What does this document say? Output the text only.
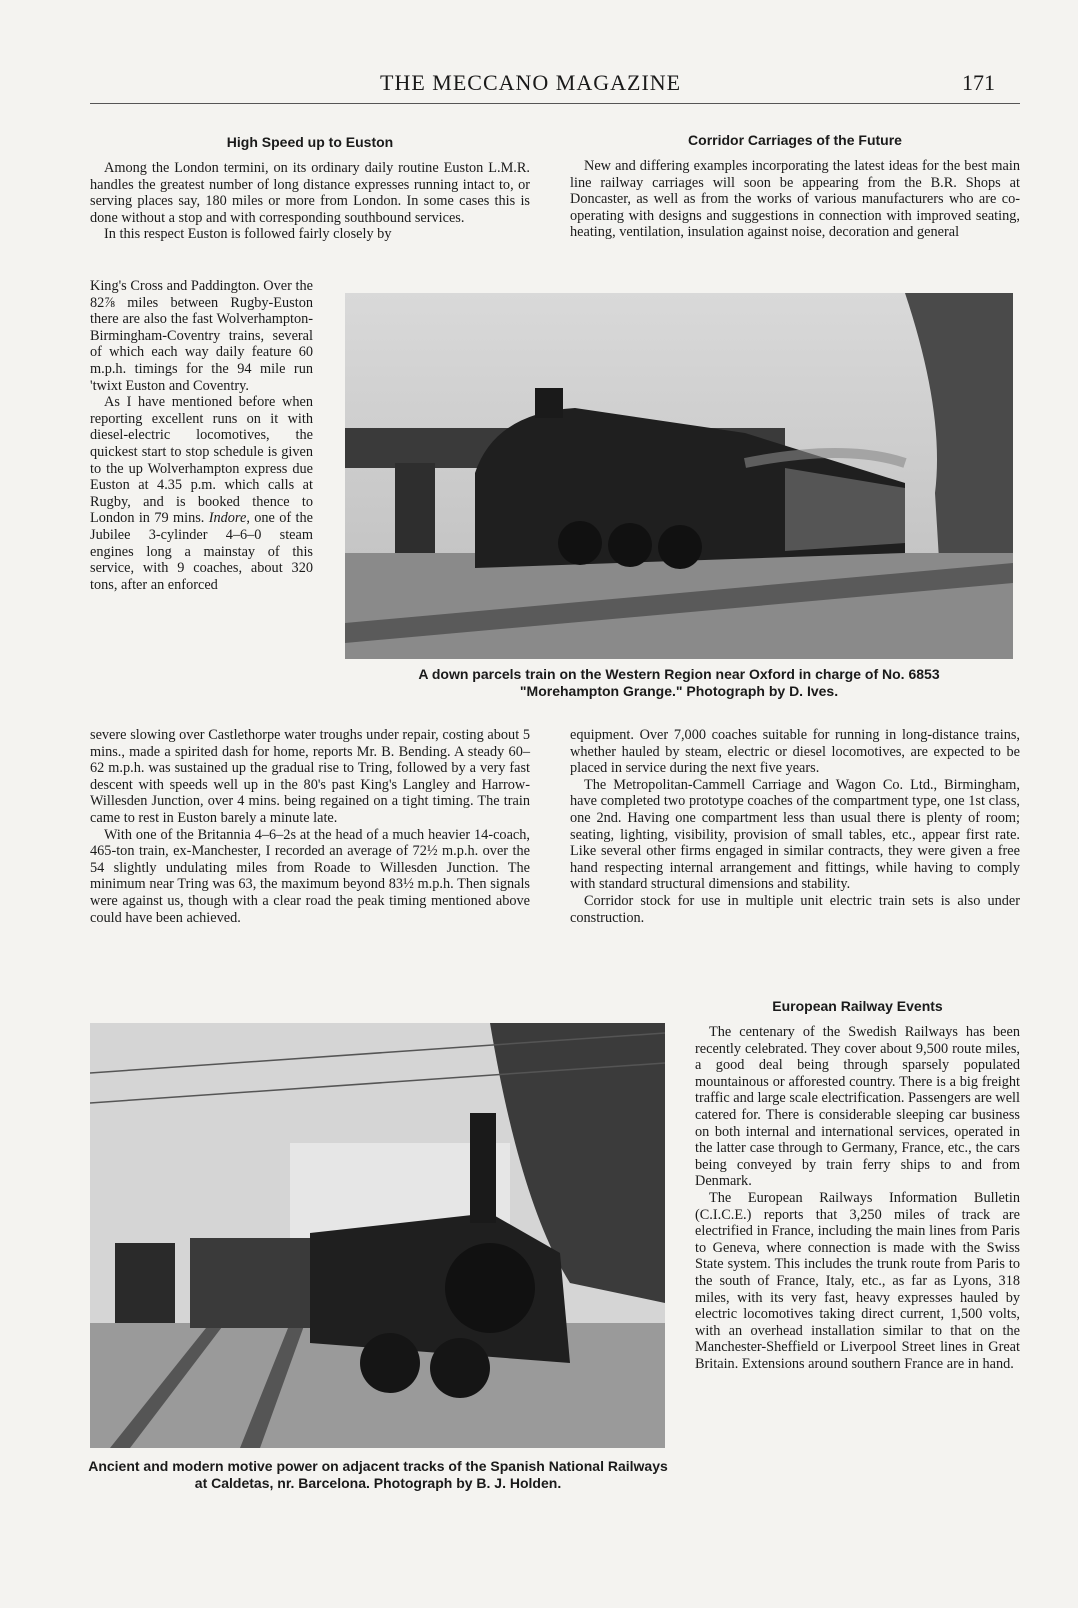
THE MECCANO MAGAZINE	171
High Speed up to Euston

Among the London termini, on its ordinary daily routine Euston L.M.R. handles the greatest number of long distance expresses running intact to, or serving places say, 180 miles or more from London. In some cases this is done without a stop and with corresponding southbound services.

In this respect Euston is followed fairly closely by

King's Cross and Paddington. Over the 82⅞ miles between Rugby-Euston there are also the fast Wolverhampton-Birmingham-Coventry trains, several of which each way daily feature 60 m.p.h. timings for the 94 mile run 'twixt Euston and Coventry.

As I have mentioned before when reporting excellent runs on it with diesel-electric locomotives, the quickest start to stop schedule is given to the up Wolverhampton express due Euston at 4.35 p.m. which calls at Rugby, and is booked thence to London in 79 mins. Indore, one of the Jubilee 3-cylinder 4–6–0 steam engines long a mainstay of this service, with 9 coaches, about 320 tons, after an enforced

severe slowing over Castlethorpe water troughs under repair, costing about 5 mins., made a spirited dash for home, reports Mr. B. Bending. A steady 60–62 m.p.h. was sustained up the gradual rise to Tring, followed by a very fast descent with speeds well up in the 80's past King's Langley and Harrow-Willesden Junction, over 4 mins. being regained on a tight timing. The train came to rest in Euston barely a minute late.

With one of the Britannia 4–6–2s at the head of a much heavier 14-coach, 465-ton train, ex-Manchester, I recorded an average of 72½ m.p.h. over the 54 slightly undulating miles from Roade to Willesden Junction. The minimum near Tring was 63, the maximum beyond 83½ m.p.h. Then signals were against us, though with a clear road the peak timing mentioned above could have been achieved.

Corridor Carriages of the Future

New and differing examples incorporating the latest ideas for the best main line railway carriages will soon be appearing from the B.R. Shops at Doncaster, as well as from the works of various manufacturers who are co-operating with designs and suggestions in connection with improved seating, heating, ventilation, insulation against noise, decoration and general

equipment. Over 7,000 coaches suitable for running in long-distance trains, whether hauled by steam, electric or diesel locomotives, are expected to be placed in service during the next five years.

The Metropolitan-Cammell Carriage and Wagon Co. Ltd., Birmingham, have completed two prototype coaches of the compartment type, one 1st class, one 2nd. Having one compartment less than usual there is plenty of room; seating, lighting, visibility, provision of small tables, etc., appear first rate. Like several other firms engaged in similar contracts, they were given a free hand respecting internal arrangement and fittings, while having to comply with standard structural dimensions and stability.

Corridor stock for use in multiple unit electric train sets is also under construction.

A down parcels train on the Western Region near Oxford in charge of No. 6853
"Morehampton Grange." Photograph by D. Ives.
Ancient and modern motive power on adjacent tracks of the Spanish National Railways at Caldetas, nr. Barcelona. Photograph by B. J. Holden.
European Railway Events

The centenary of the Swedish Railways has been recently celebrated. They cover about 9,500 route miles, a good deal being through sparsely populated mountainous or afforested country. There is a big freight traffic and large scale electrification. Passengers are well catered for. There is considerable sleeping car business on both internal and international services, operated in the latter case through to Germany, France, etc., the cars being conveyed by train ferry ships to and from Denmark.

The European Railways Information Bulletin (C.I.C.E.) reports that 3,250 miles of track are electrified in France, including the main lines from Paris to Geneva, where connection is made with the Swiss State system. This includes the trunk route from Paris to the south of France, Italy, etc., as far as Lyons, 318 miles, with its very fast, heavy expresses hauled by electric locomotives taking direct current, 1,500 volts, with an overhead installation similar to that on the Manchester-Sheffield or Liverpool Street lines in Great Britain. Extensions around southern France are in hand.
